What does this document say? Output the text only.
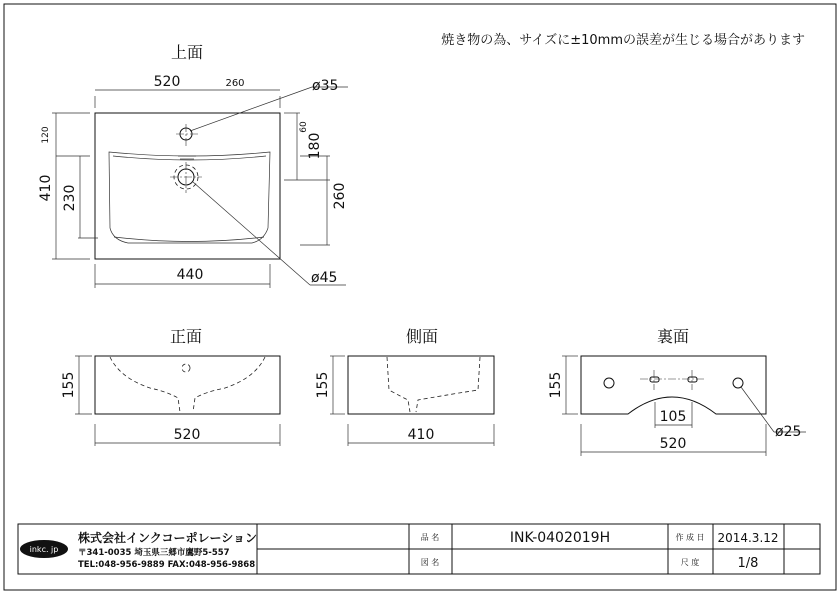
焼き物の為、サイズに±10mmの誤差が生じる場合があります
上面
ø35
ø45
520	260
410
120
230
60
180
260
440
正面
155
520
側面
155
410
裏面
155
105
520
ø25
inkc. jp
株式会社インクコーポレーション
〒341-0035 埼玉県三郷市鷹野5-557
TEL:048-956-9889 FAX:048-956-9868
品 名	INK-0402019H
図 名
作 成 日 2014.3.12
尺 度	1/8
